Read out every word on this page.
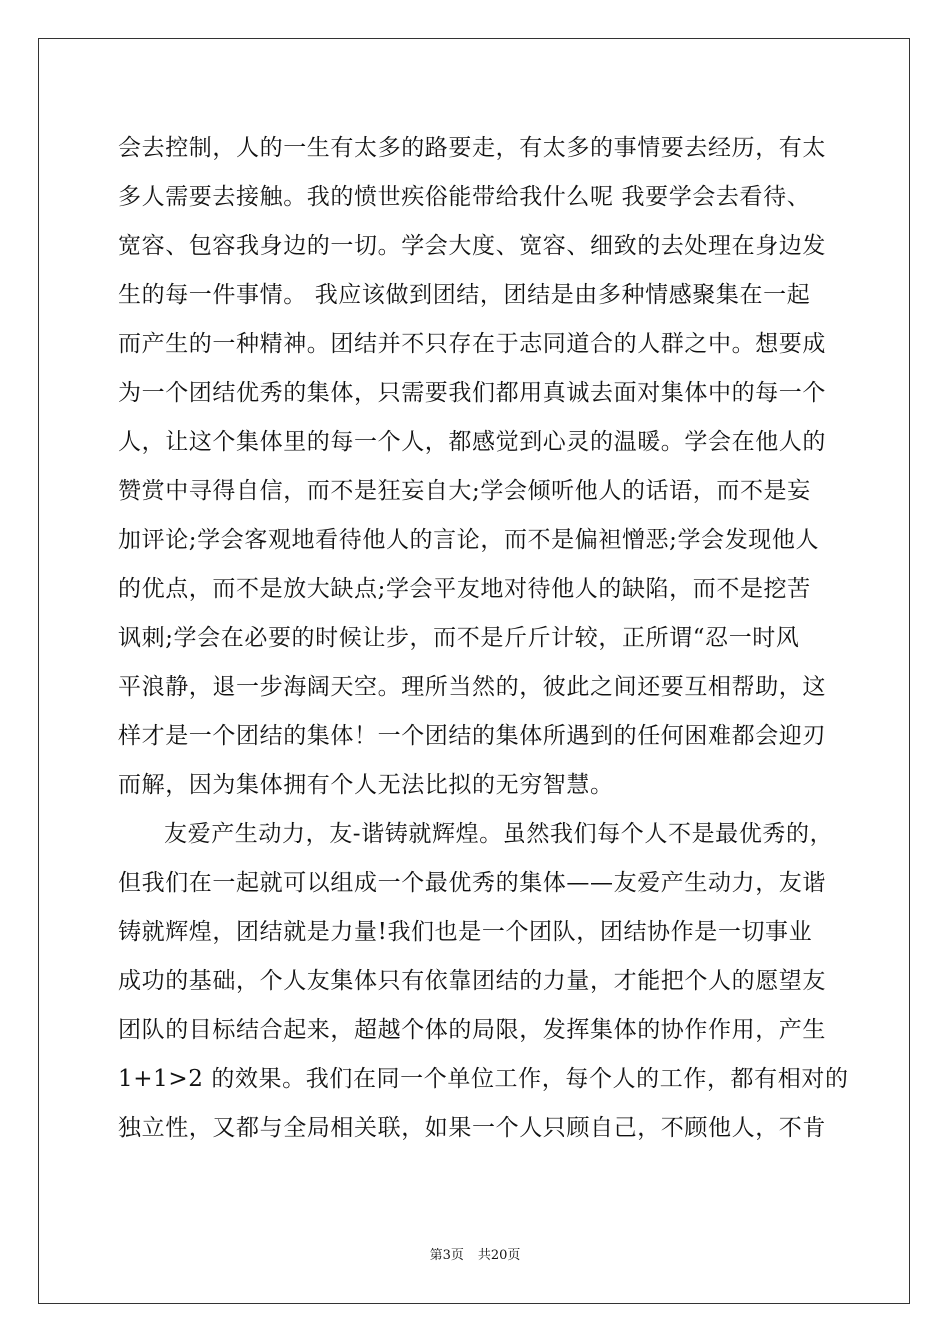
会去控制，人的一生有太多的路要走，有太多的事情要去经历，有太
多人需要去接触。我的愤世疾俗能带给我什么呢 我要学会去看待、
宽容、包容我身边的一切。学会大度、宽容、细致的去处理在身边发
生的每一件事情。 我应该做到团结，团结是由多种情感聚集在一起
而产生的一种精神。团结并不只存在于志同道合的人群之中。想要成
为一个团结优秀的集体，只需要我们都用真诚去面对集体中的每一个
人，让这个集体里的每一个人，都感觉到心灵的温暖。学会在他人的
赞赏中寻得自信，而不是狂妄自大;学会倾听他人的话语，而不是妄
加评论;学会客观地看待他人的言论，而不是偏袒憎恶;学会发现他人
的优点，而不是放大缺点;学会平友地对待他人的缺陷，而不是挖苦
讽刺;学会在必要的时候让步，而不是斤斤计较，正所谓“忍一时风
平浪静，退一步海阔天空。理所当然的，彼此之间还要互相帮助，这
样才是一个团结的集体！一个团结的集体所遇到的任何困难都会迎刃
而解，因为集体拥有个人无法比拟的无穷智慧。
友爱产生动力，友-谐铸就辉煌。虽然我们每个人不是最优秀的，
但我们在一起就可以组成一个最优秀的集体——友爱产生动力，友谐
铸就辉煌，团结就是力量!我们也是一个团队，团结协作是一切事业
成功的基础，个人友集体只有依靠团结的力量，才能把个人的愿望友
团队的目标结合起来，超越个体的局限，发挥集体的协作作用，产生
1+1>2 的效果。我们在同一个单位工作，每个人的工作，都有相对的
独立性，又都与全局相关联，如果一个人只顾自己，不顾他人，不肯
第3页 共20页
